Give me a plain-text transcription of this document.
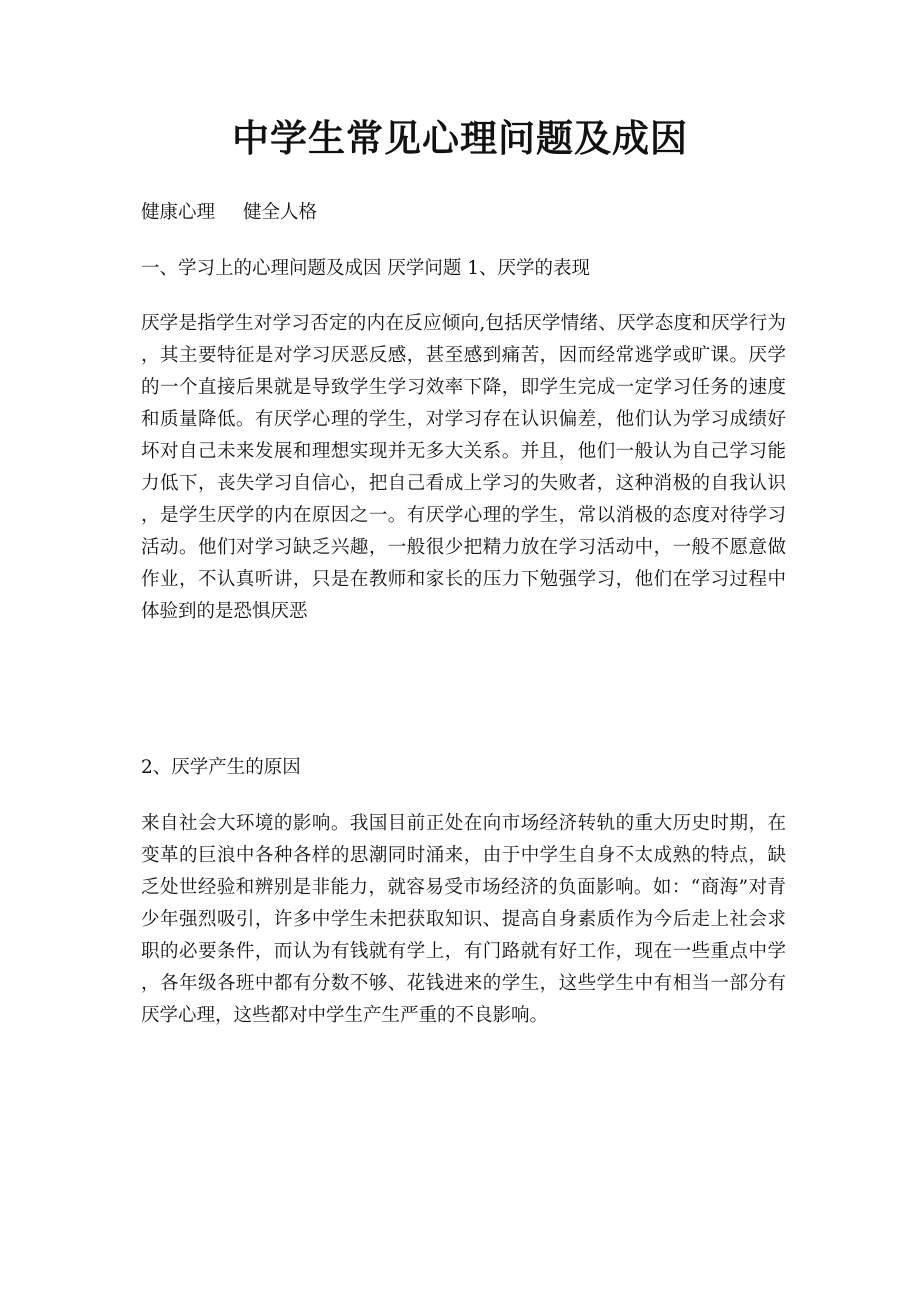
中学生常见心理问题及成因

健康心理 健全人格

一、学习上的心理问题及成因 厌学问题 1、厌学的表现

厌学是指学生对学习否定的内在反应倾向,包括厌学情绪、厌学态度和厌学行为，其主要特征是对学习厌恶反感，甚至感到痛苦，因而经常逃学或旷课。厌学的一个直接后果就是导致学生学习效率下降，即学生完成一定学习任务的速度和质量降低。有厌学心理的学生，对学习存在认识偏差，他们认为学习成绩好坏对自己未来发展和理想实现并无多大关系。并且，他们一般认为自己学习能力低下，丧失学习自信心，把自己看成上学习的失败者，这种消极的自我认识，是学生厌学的内在原因之一。有厌学心理的学生，常以消极的态度对待学习活动。他们对学习缺乏兴趣，一般很少把精力放在学习活动中，一般不愿意做作业，不认真听讲，只是在教师和家长的压力下勉强学习，他们在学习过程中体验到的是恐惧厌恶

2、厌学产生的原因

来自社会大环境的影响。我国目前正处在向市场经济转轨的重大历史时期，在变革的巨浪中各种各样的思潮同时涌来，由于中学生自身不太成熟的特点，缺乏处世经验和辨别是非能力，就容易受市场经济的负面影响。如：“商海”对青少年强烈吸引，许多中学生未把获取知识、提高自身素质作为今后走上社会求职的必要条件，而认为有钱就有学上，有门路就有好工作，现在一些重点中学，各年级各班中都有分数不够、花钱进来的学生，这些学生中有相当一部分有厌学心理，这些都对中学生产生严重的不良影响。
